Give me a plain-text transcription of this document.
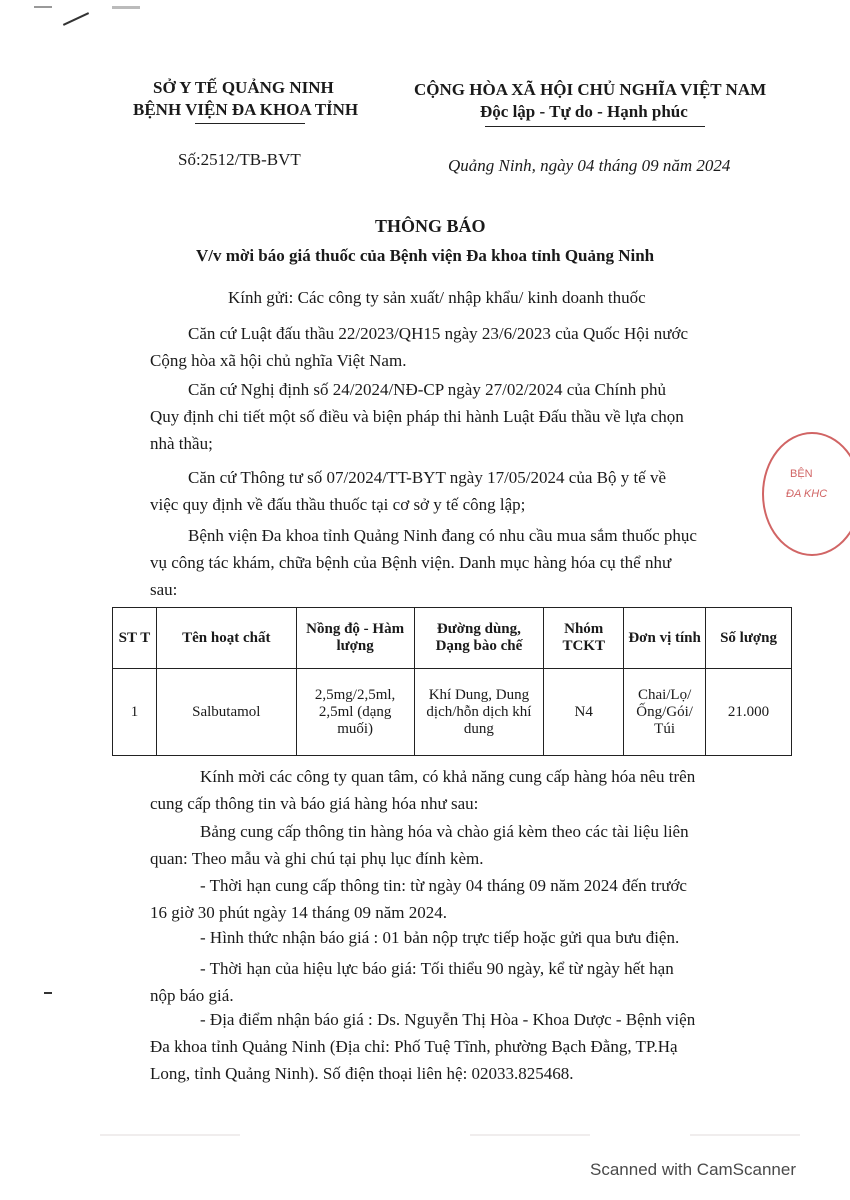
SỞ Y TẾ QUẢNG NINH
BỆNH VIỆN ĐA KHOA TỈNH
Số:2512/TB-BVT
CỘNG HÒA XÃ HỘI CHỦ NGHĨA VIỆT NAM
Độc lập - Tự do - Hạnh phúc
Quảng Ninh, ngày 04 tháng 09 năm 2024
THÔNG BÁO
V/v mời báo giá thuốc của Bệnh viện Đa khoa tỉnh Quảng Ninh
Kính gửi: Các công ty sản xuất/ nhập khẩu/ kinh doanh thuốc
Căn cứ Luật đấu thầu 22/2023/QH15 ngày 23/6/2023 của Quốc Hội nước
Cộng hòa xã hội chủ nghĩa Việt Nam.
Căn cứ Nghị định số 24/2024/NĐ-CP ngày 27/02/2024 của Chính phủ
Quy định chi tiết một số điều và biện pháp thi hành Luật Đấu thầu về lựa chọn
nhà thầu;
Căn cứ Thông tư số 07/2024/TT-BYT ngày 17/05/2024 của Bộ y tế về
việc quy định về đấu thầu thuốc tại cơ sở y tế công lập;
Bệnh viện Đa khoa tỉnh Quảng Ninh đang có nhu cầu mua sắm thuốc phục
vụ công tác khám, chữa bệnh của Bệnh viện. Danh mục hàng hóa cụ thể như
sau:
BỆN
ĐA KHC
ST T	Tên hoạt chất	Nồng độ - Hàm lượng	Đường dùng, Dạng bào chế	Nhóm TCKT	Đơn vị tính	Số lượng
1	Salbutamol	2,5mg/2,5ml, 2,5ml (dạng muối)	Khí Dung, Dung dịch/hỗn dịch khí dung	N4	Chai/Lọ/ Ống/Gói/ Túi	21.000
Kính mời các công ty quan tâm, có khả năng cung cấp hàng hóa nêu trên
cung cấp thông tin và báo giá hàng hóa như sau:
Bảng cung cấp thông tin hàng hóa và chào giá kèm theo các tài liệu liên
quan: Theo mẫu và ghi chú tại phụ lục đính kèm.
- Thời hạn cung cấp thông tin: từ ngày 04 tháng 09 năm 2024 đến trước
16 giờ 30 phút ngày 14 tháng 09 năm 2024.
- Hình thức nhận báo giá : 01 bản nộp trực tiếp hoặc gửi qua bưu điện.
- Thời hạn của hiệu lực báo giá: Tối thiểu 90 ngày, kể từ ngày hết hạn
nộp báo giá.
- Địa điểm nhận báo giá : Ds. Nguyễn Thị Hòa - Khoa Dược - Bệnh viện
Đa khoa tỉnh Quảng Ninh (Địa chỉ: Phố Tuệ Tĩnh, phường Bạch Đằng, TP.Hạ
Long, tỉnh Quảng Ninh). Số điện thoại liên hệ: 02033.825468.
Scanned with CamScanner
